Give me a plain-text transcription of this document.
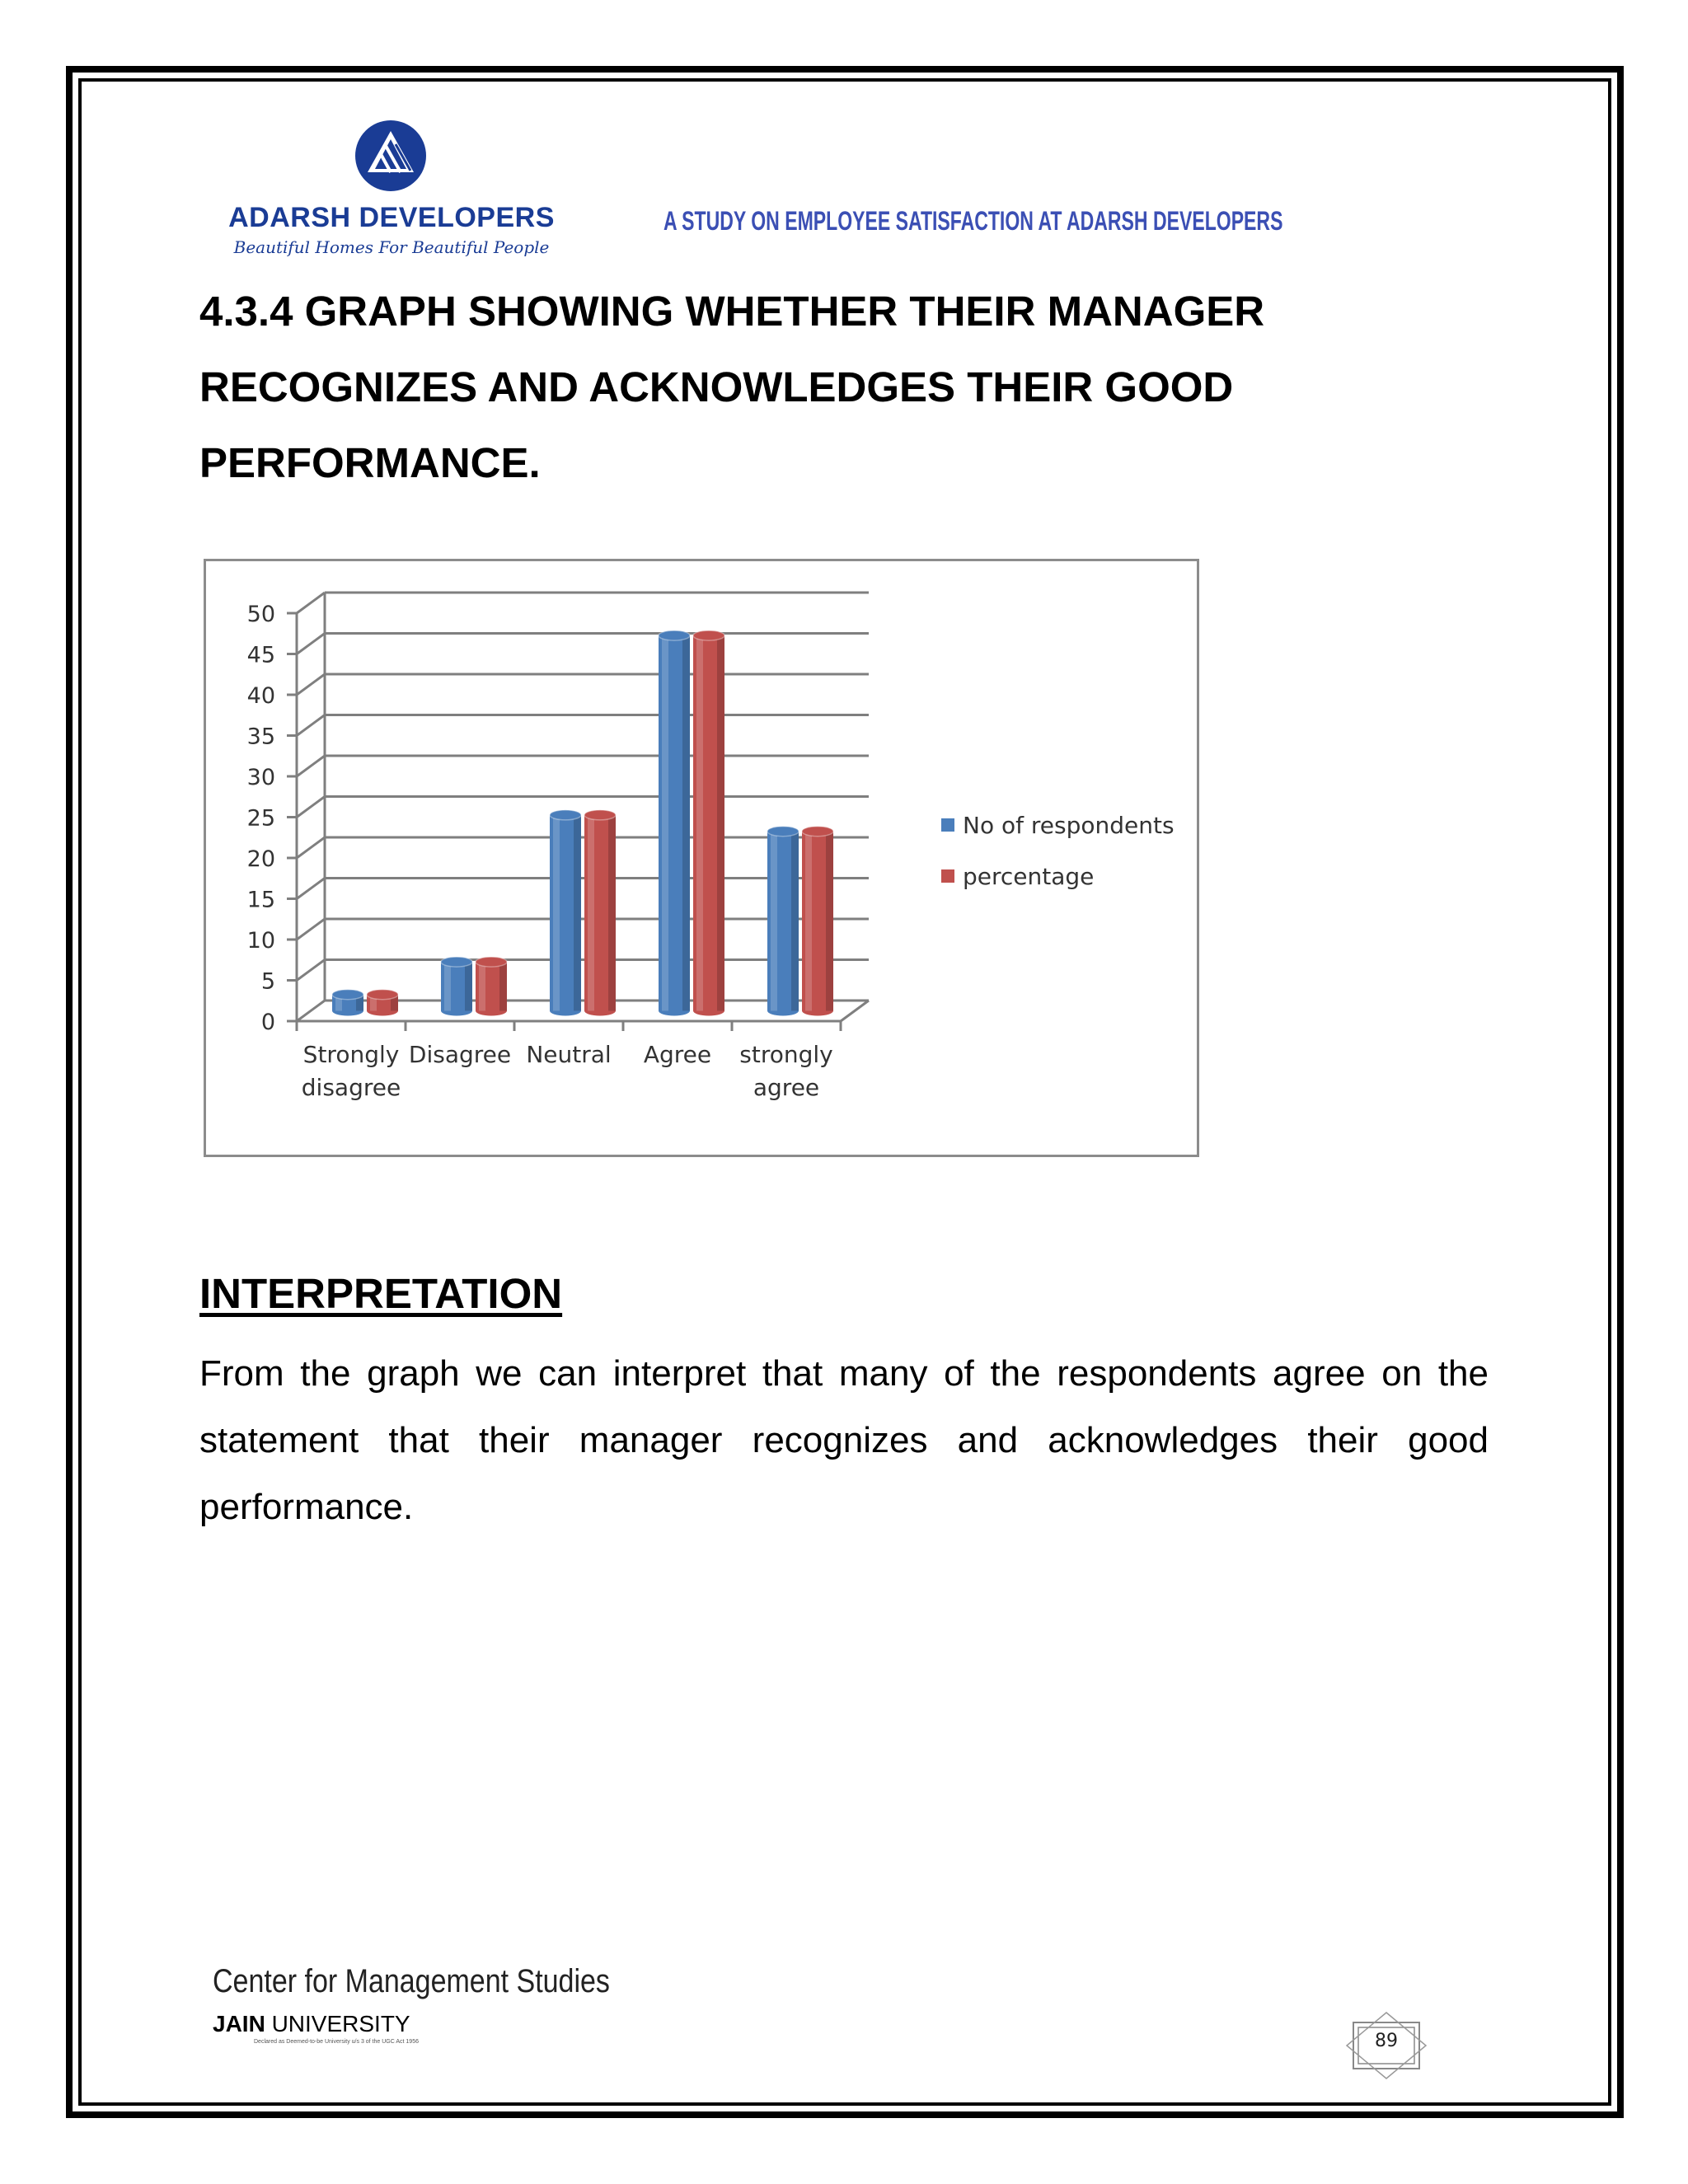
ADARSH DEVELOPERS
Beautiful Homes For Beautiful People
A STUDY ON EMPLOYEE SATISFACTION AT ADARSH DEVELOPERS
4.3.4 GRAPH SHOWING WHETHER THEIR MANAGER RECOGNIZES AND ACKNOWLEDGES THEIR GOOD PERFORMANCE.
0
5
10
15
20
25
30
35
40
45
50
Strongly disagree
Disagree Neutral Agree strongly agree
No of respondents
percentage
INTERPRETATION

From the graph we can interpret that many of the respondents agree on the statement that their manager recognizes and acknowledges their good performance.

Center for Management Studies
JAIN UNIVERSITY
Declared as Deemed-to-be University u/s 3 of the UGC Act 1956	89
